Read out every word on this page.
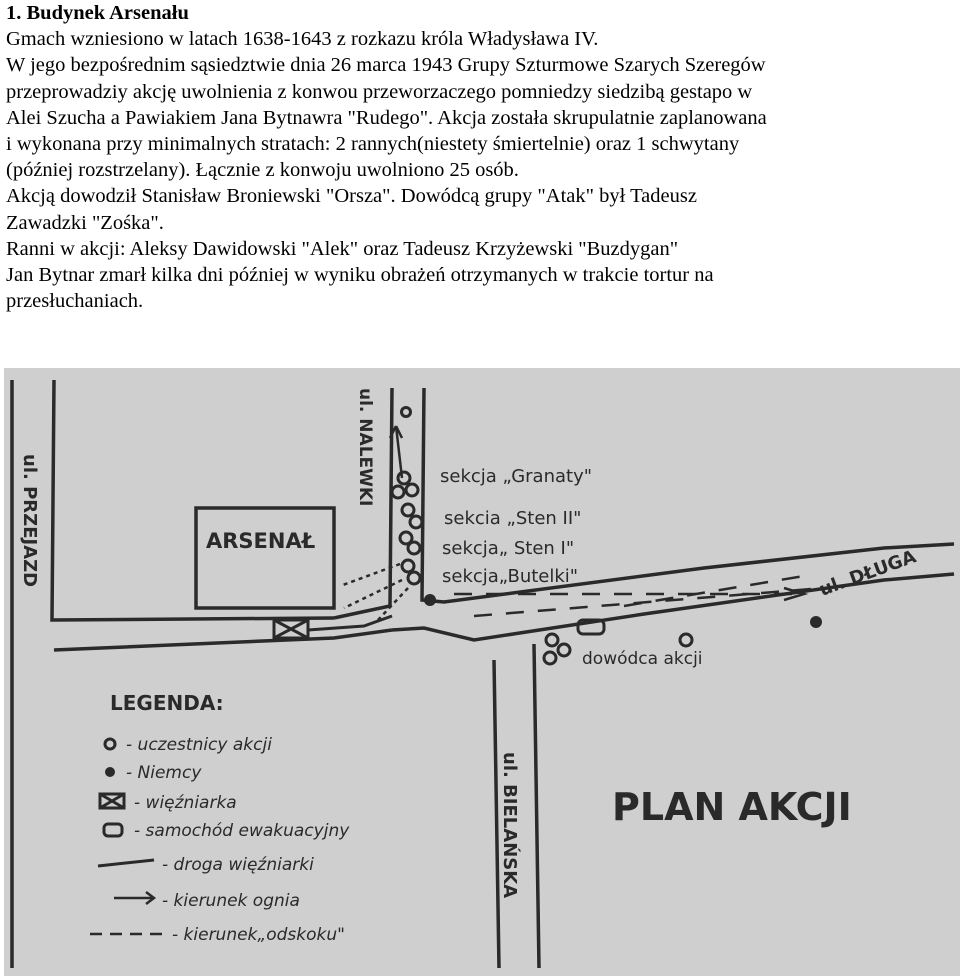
1. Budynek Arsenału

Gmach wzniesiono w latach 1638-1643 z rozkazu króla Władysława IV.

W jego bezpośrednim sąsiedztwie dnia 26 marca 1943 Grupy Szturmowe Szarych Szeregów

przeprowadziy akcję uwolnienia z konwou przeworzaczego pomniedzy siedzibą gestapo w

Alei Szucha a Pawiakiem Jana Bytnawra "Rudego". Akcja została skrupulatnie zaplanowana

i wykonana przy minimalnych stratach: 2 rannych(niestety śmiertelnie) oraz 1 schwytany

(później rozstrzelany). Łącznie z konwoju uwolniono 25 osób.

Akcją dowodził Stanisław Broniewski "Orsza". Dowódcą grupy "Atak" był Tadeusz

Zawadzki "Zośka".

Ranni w akcji: Aleksy Dawidowski "Alek" oraz Tadeusz Krzyżewski "Buzdygan"

Jan Bytnar zmarł kilka dni później w wyniku obrażeń otrzymanych w trakcie tortur na

przesłuchaniach.

ARSENAŁ
ul. PRZEJAZD
ul. NALEWKI
ul. DŁUGA
ul. BIELAŃSKA
sekcja „Granaty"
sekcia „Sten II"
sekcja„ Sten I"
sekcja„Butelki"
dowódca akcji
LEGENDA:
- uczestnicy akcji
- Niemcy
- więźniarka
- samochód ewakuacyjny
- droga więźniarki
- kierunek ognia
- kierunek„odskoku"
PLAN AKCJI
